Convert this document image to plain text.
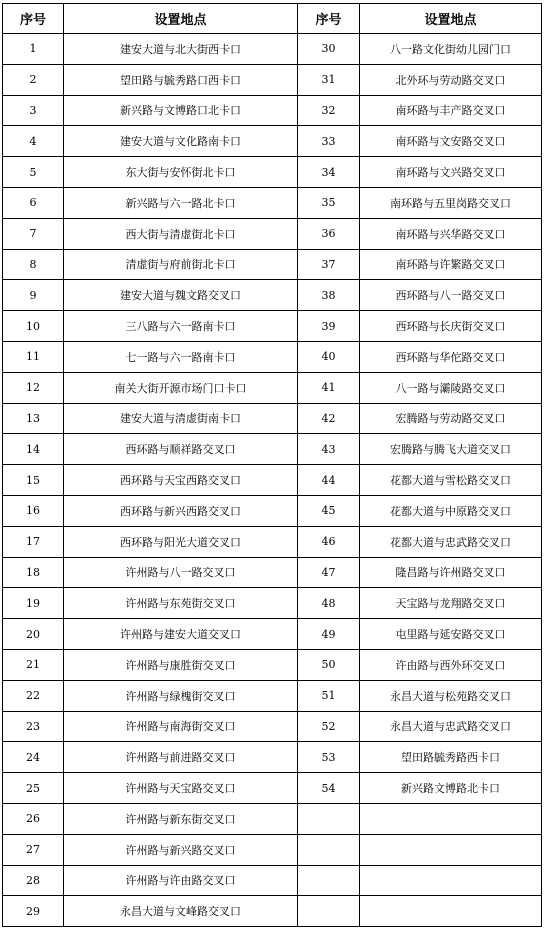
序号	设置地点	序号	设置地点
1	建安大道与北大街西卡口	30	八一路文化街幼儿园门口
2	望田路与毓秀路口西卡口	31	北外环与劳动路交叉口
3	新兴路与文博路口北卡口	32	南环路与丰产路交叉口
4	建安大道与文化路南卡口	33	南环路与文安路交叉口
5	东大街与安怀街北卡口	34	南环路与文兴路交叉口
6	新兴路与六一路北卡口	35	南环路与五里岗路交叉口
7	西大街与清虚街北卡口	36	南环路与兴华路交叉口
8	清虚街与府前街北卡口	37	南环路与许繁路交叉口
9	建安大道与魏文路交叉口	38	西环路与八一路交叉口
10	三八路与六一路南卡口	39	西环路与长庆街交叉口
11	七一路与六一路南卡口	40	西环路与华佗路交叉口
12	南关大街开源市场门口卡口	41	八一路与灞陵路交叉口
13	建安大道与清虚街南卡口	42	宏腾路与劳动路交叉口
14	西环路与顺祥路交叉口	43	宏腾路与腾飞大道交叉口
15	西环路与天宝西路交叉口	44	花都大道与雪松路交叉口
16	西环路与新兴西路交叉口	45	花都大道与中原路交叉口
17	西环路与阳光大道交叉口	46	花都大道与忠武路交叉口
18	许州路与八一路交叉口	47	隆昌路与许州路交叉口
19	许州路与东苑街交叉口	48	天宝路与龙翔路交叉口
20	许州路与建安大道交叉口	49	屯里路与延安路交叉口
21	许州路与康胜街交叉口	50	许由路与西外环交叉口
22	许州路与绿槐街交叉口	51	永昌大道与松苑路交叉口
23	许州路与南海街交叉口	52	永昌大道与忠武路交叉口
24	许州路与前进路交叉口	53	望田路毓秀路西卡口
25	许州路与天宝路交叉口	54	新兴路文博路北卡口
26	许州路与新东街交叉口		
27	许州路与新兴路交叉口		
28	许州路与许由路交叉口		
29	永昌大道与文峰路交叉口		
